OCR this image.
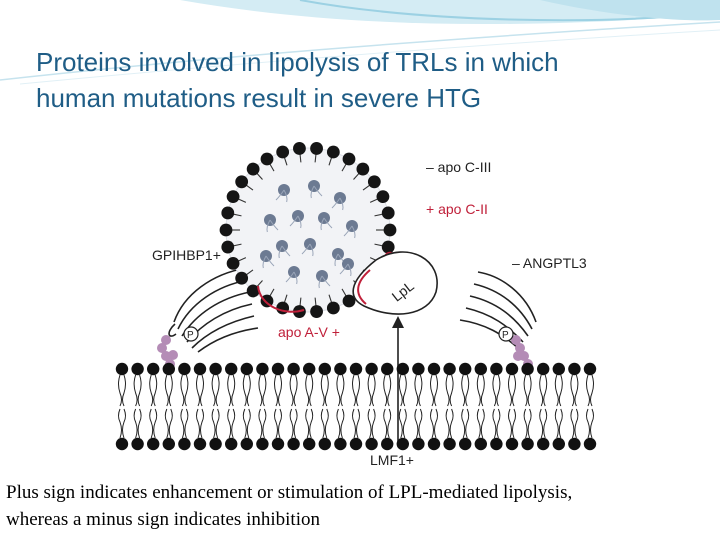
Proteins involved in lipolysis of TRLs in which
human mutations result in severe HTG
LpL
– apo C-III
+ apo C-II
GPIHBP1+	– ANGPTL3
apo A-V +
LMF1+
P	P

Plus sign indicates enhancement or stimulation of LPL-mediated lipolysis,
whereas a minus sign indicates inhibition
